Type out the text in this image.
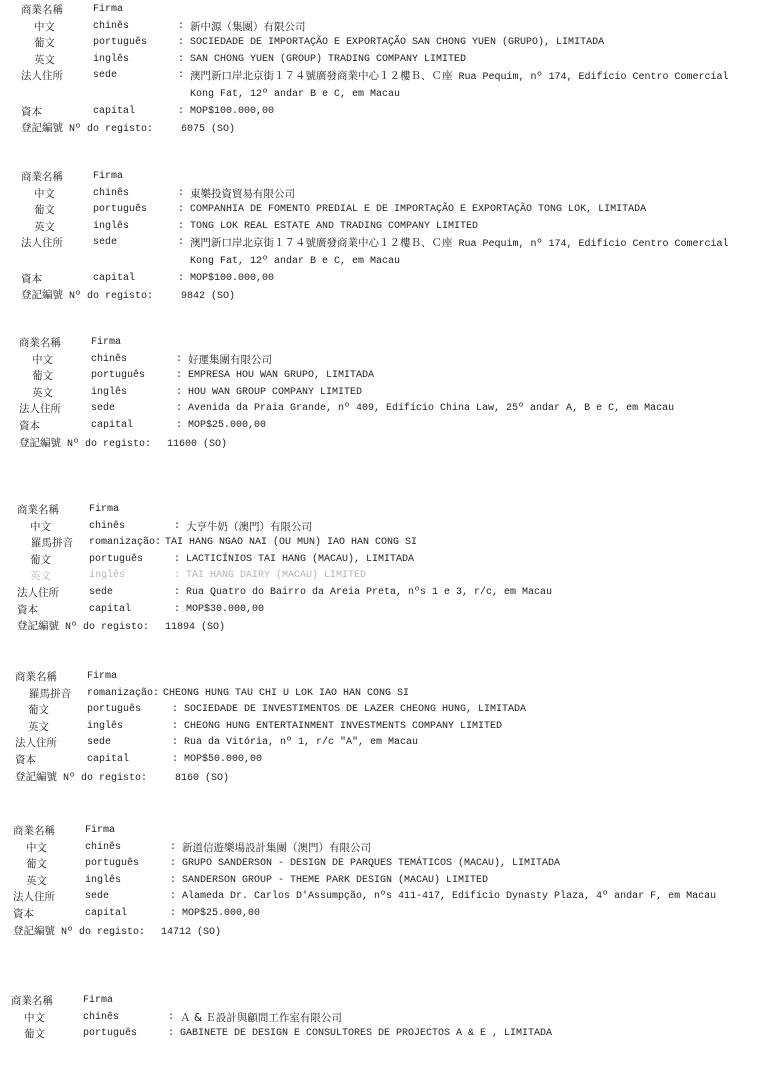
商業名稱	Firma
中文	chinês	: 新中源（集團）有限公司
葡文	português	: SOCIEDADE DE IMPORTAÇÃO E EXPORTAÇÃO SAN CHONG YUEN (GRUPO), LIMITADA
英文	inglês	: SAN CHONG YUEN (GROUP) TRADING COMPANY LIMITED
法人住所	sede	: 澳門新口岸北京街１７４號廣發商業中心１２樓Ｂ、Ｃ座 Rua Pequim, nº 174, Edifício Centro Comercial Kong Fat, 12º andar B e C, em Macau
資本	capital	: MOP$100.000,00
登記編號 Nº do registo:	6075 (SO)
商業名稱	Firma
中文	chinês	: 東樂投資貿易有限公司
葡文	português	: COMPANHIA DE FOMENTO PREDIAL E DE IMPORTAÇÃO E EXPORTAÇÃO TONG LOK, LIMITADA
英文	inglês	: TONG LOK REAL ESTATE AND TRADING COMPANY LIMITED
法人住所	sede	: 澳門新口岸北京街１７４號廣發商業中心１２樓Ｂ、Ｃ座 Rua Pequim, nº 174, Edifício Centro Comercial Kong Fat, 12º andar B e C, em Macau
資本	capital	: MOP$100.000,00
登記編號 Nº do registo:	9842 (SO)
商業名稱	Firma
中文	chinês	: 好運集團有限公司
葡文	português	: EMPRESA HOU WAN GRUPO, LIMITADA
英文	inglês	: HOU WAN GROUP COMPANY LIMITED
法人住所	sede	: Avenida da Praia Grande, nº 409, Edifício China Law, 25º andar A, B e C, em Macau
資本	capital	: MOP$25.000,00
登記編號 Nº do registo: 11600 (SO)
商業名稱	Firma
中文	chinês	: 大亨牛奶（澳門）有限公司
羅馬拼音	romanização: TAI HANG NGAO NAI (OU MUN) IAO HAN CONG SI
葡文	português	: LACTICÍNIOS TAI HANG (MACAU), LIMITADA
英文	inglês	: TAI HANG DAIRY (MACAU) LIMITED
法人住所	sede	: Rua Quatro do Bairro da Areia Preta, nºs 1 e 3, r/c, em Macau
資本	capital	: MOP$30.000,00
登記編號 Nº do registo: 11894 (SO)
商業名稱	Firma
羅馬拼音	romanização: CHEONG HUNG TAU CHI U LOK IAO HAN CONG SI
葡文	português	: SOCIEDADE DE INVESTIMENTOS DE LAZER CHEONG HUNG, LIMITADA
英文	inglês	: CHEONG HUNG ENTERTAINMENT INVESTMENTS COMPANY LIMITED
法人住所	sede	: Rua da Vitória, nº 1, r/c "A", em Macau
資本	capital	: MOP$50.000,00
登記編號 Nº do registo:	8160 (SO)
商業名稱	Firma
中文	chinês	: 新道信遊樂場設計集團（澳門）有限公司
葡文	português	: GRUPO SANDERSON - DESIGN DE PARQUES TEMÁTICOS (MACAU), LIMITADA
英文	inglês	: SANDERSON GROUP - THEME PARK DESIGN (MACAU) LIMITED
法人住所	sede	: Alameda Dr. Carlos D'Assumpção, nºs 411-417, Edifício Dynasty Plaza, 4º andar F, em Macau
資本	capital	: MOP$25.000,00
登記編號 Nº do registo: 14712 (SO)
商業名稱	Firma
中文	chinês	: Ａ & Ｅ設計與顧問工作室有限公司
葡文	português	: GABINETE DE DESIGN E CONSULTORES DE PROJECTOS A & E , LIMITADA
